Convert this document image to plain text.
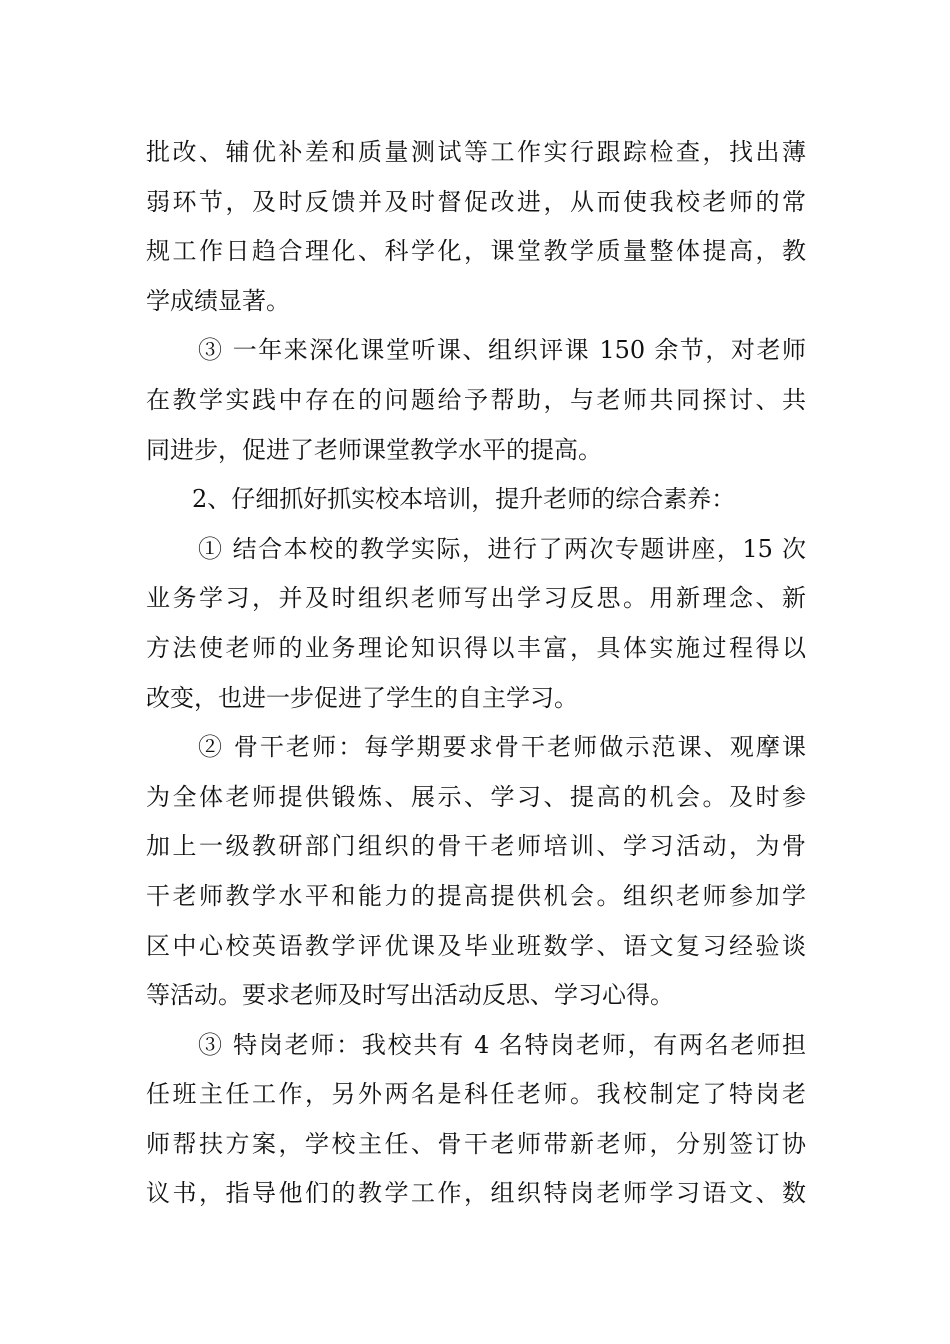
批改、辅优补差和质量测试等工作实行跟踪检查，找出薄
弱环节，及时反馈并及时督促改进，从而使我校老师的常
规工作日趋合理化、科学化，课堂教学质量整体提高，教
学成绩显著。
③ 一年来深化课堂听课、组织评课 150 余节，对老师
在教学实践中存在的问题给予帮助，与老师共同探讨、共
同进步，促进了老师课堂教学水平的提高。
2、仔细抓好抓实校本培训，提升老师的综合素养：
① 结合本校的教学实际，进行了两次专题讲座，15 次
业务学习，并及时组织老师写出学习反思。用新理念、新
方法使老师的业务理论知识得以丰富，具体实施过程得以
改变，也进一步促进了学生的自主学习。
② 骨干老师：每学期要求骨干老师做示范课、观摩课
为全体老师提供锻炼、展示、学习、提高的机会。及时参
加上一级教研部门组织的骨干老师培训、学习活动，为骨
干老师教学水平和能力的提高提供机会。组织老师参加学
区中心校英语教学评优课及毕业班数学、语文复习经验谈
等活动。要求老师及时写出活动反思、学习心得。
③ 特岗老师：我校共有 4 名特岗老师，有两名老师担
任班主任工作，另外两名是科任老师。我校制定了特岗老
师帮扶方案，学校主任、骨干老师带新老师，分别签订协
议书，指导他们的教学工作，组织特岗老师学习语文、数
